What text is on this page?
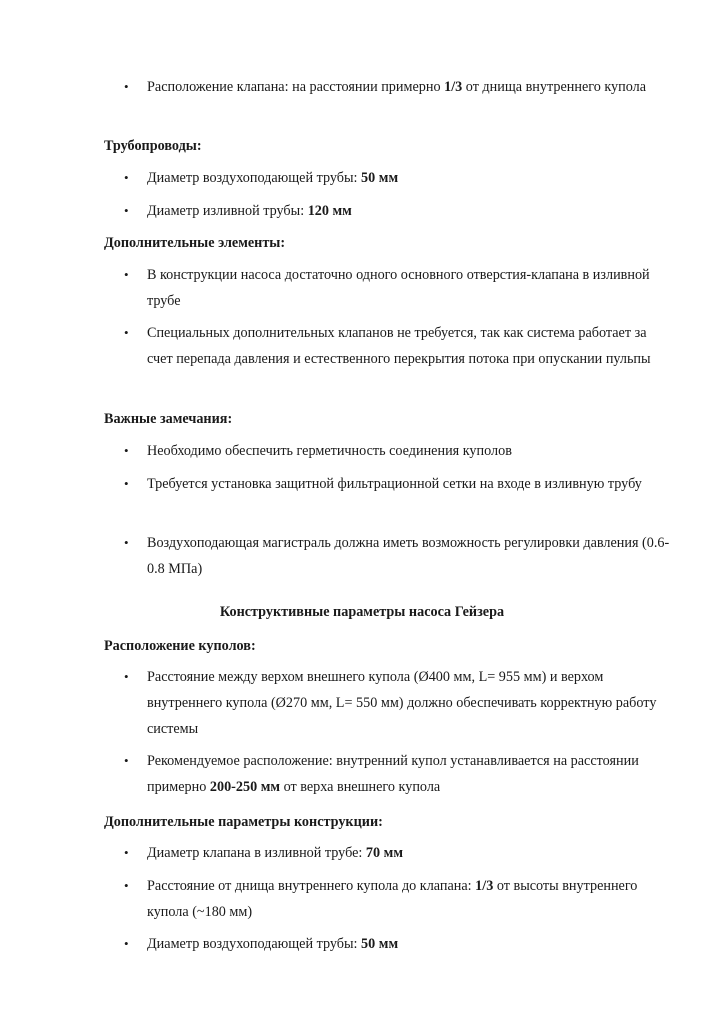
• Расположение клапана: на расстоянии примерно 1/3 от днища внутреннего купола
Трубопроводы:
• Диаметр воздухоподающей трубы: 50 мм
• Диаметр изливной трубы: 120 мм
Дополнительные элементы:
• В конструкции насоса достаточно одного основного отверстия-клапана в изливной трубе
• Специальных дополнительных клапанов не требуется, так как система работает за счет перепада давления и естественного перекрытия потока при опускании пульпы
Важные замечания:
• Необходимо обеспечить герметичность соединения куполов
• Требуется установка защитной фильтрационной сетки на входе в изливную трубу
• Воздухоподающая магистраль должна иметь возможность регулировки давления (0.6-0.8 МПа)
Конструктивные параметры насоса Гейзера
Расположение куполов:
• Расстояние между верхом внешнего купола (Ø400 мм, L= 955 мм) и верхом внутреннего купола (Ø270 мм, L= 550 мм) должно обеспечивать корректную работу системы
• Рекомендуемое расположение: внутренний купол устанавливается на расстоянии примерно 200-250 мм от верха внешнего купола
Дополнительные параметры конструкции:
• Диаметр клапана в изливной трубе: 70 мм
• Расстояние от днища внутреннего купола до клапана: 1/3 от высоты внутреннего купола (~180 мм)
• Диаметр воздухоподающей трубы: 50 мм
